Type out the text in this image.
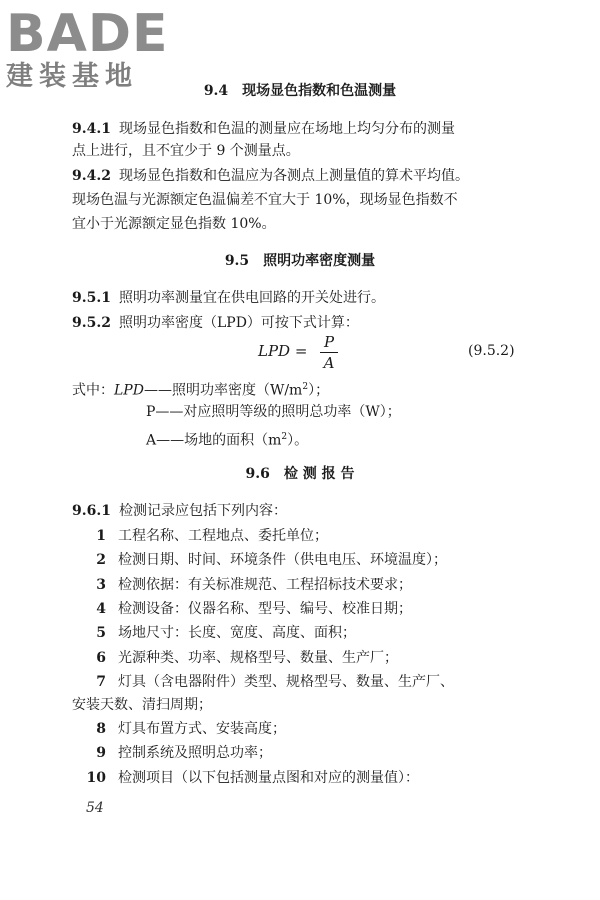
BADE
建装基地	9.4　现场显色指数和色温测量
9.4.1 现场显色指数和色温的测量应在场地上均匀分布的测量
点上进行，且不宜少于 9 个测量点。
9.4.2 现场显色指数和色温应为各测点上测量值的算术平均值。
现场色温与光源额定色温偏差不宜大于 10%，现场显色指数不
宜小于光源额定显色指数 10%。
9.5　照明功率密度测量
9.5.1 照明功率测量宜在供电回路的开关处进行。
9.5.2 照明功率密度（LPD）可按下式计算：
LPD = P
A
(9.5.2)
式中：LPD——照明功率密度$(W/m^2)$；
P——对应照明等级的照明总功率（W）；
A——场地的面积$(m^2)$。
9.6　检 测 报 告
9.6.1 检测记录应包括下列内容：
1 工程名称、工程地点、委托单位；
2 检测日期、时间、环境条件（供电电压、环境温度）；
3 检测依据：有关标准规范、工程招标技术要求；
4 检测设备：仪器名称、型号、编号、校准日期；
5 场地尺寸：长度、宽度、高度、面积；
6 光源种类、功率、规格型号、数量、生产厂；
7 灯具（含电器附件）类型、规格型号、数量、生产厂、
安装天数、清扫周期；
8 灯具布置方式、安装高度；
9 控制系统及照明总功率；
10 检测项目（以下包括测量点图和对应的测量值）：
54
